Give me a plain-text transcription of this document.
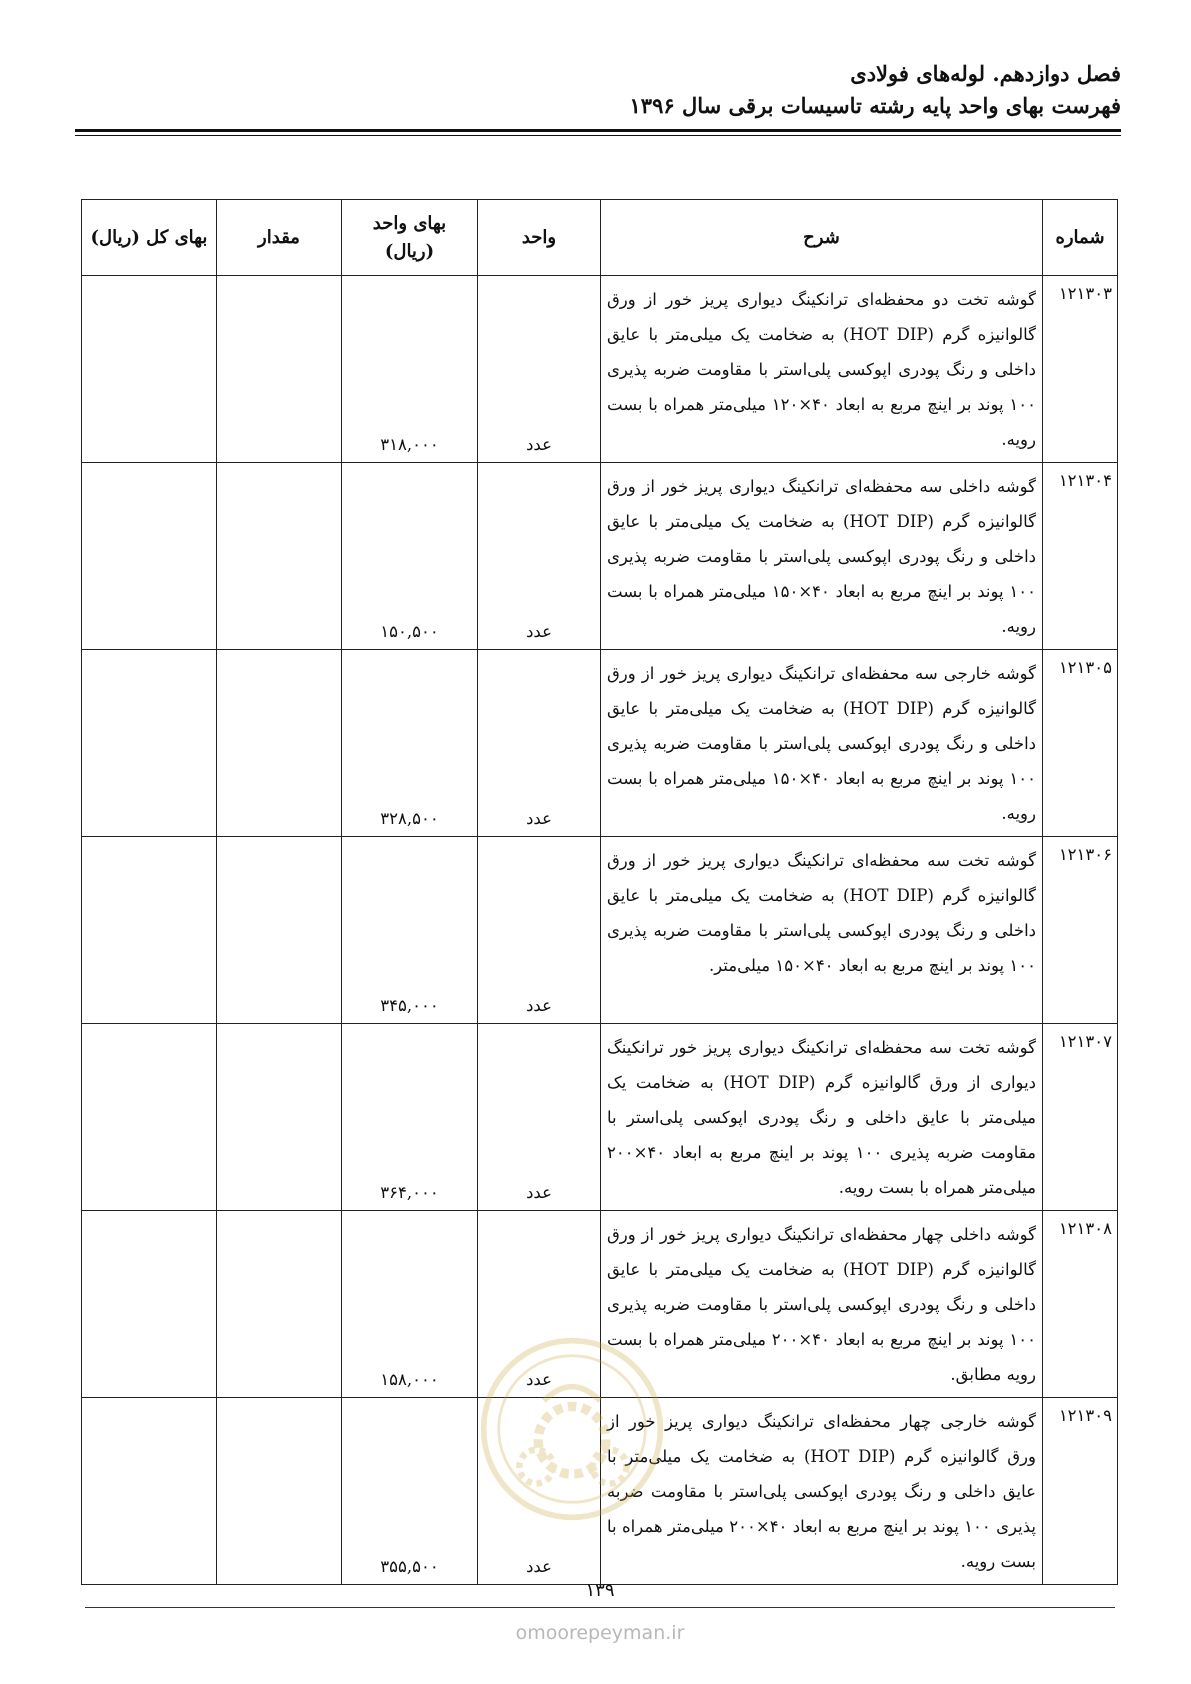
فصل دوازدهم. لوله‌های فولادی
فهرست بهای واحد پایه رشته تاسیسات برقی سال ۱۳۹۶
شماره	شرح	واحد	بهای واحد
(ریال)	مقدار	بهای کل (ریال)
۱۲۱۳۰۳	گوشه تخت دو محفظه‌ای ترانکینگ دیواری پریز خور از ورق گالوانیزه گرم (HOT DIP) به ضخامت یک میلی‌متر با عایق داخلی و رنگ پودری اپوکسی پلی‌استر با مقاومت ضربه پذیری ۱۰۰ پوند بر اینچ مربع به ابعاد ۴۰×۱۲۰ میلی‌متر همراه با بست رویه.	عدد	۳۱۸,۰۰۰		
۱۲۱۳۰۴	گوشه داخلی سه محفظه‌ای ترانکینگ دیواری پریز خور از ورق گالوانیزه گرم (HOT DIP) به ضخامت یک میلی‌متر با عایق داخلی و رنگ پودری اپوکسی پلی‌استر با مقاومت ضربه پذیری ۱۰۰ پوند بر اینچ مربع به ابعاد ۴۰×۱۵۰ میلی‌متر همراه با بست رویه.	عدد	۱۵۰,۵۰۰		
۱۲۱۳۰۵	گوشه خارجی سه محفظه‌ای ترانکینگ دیواری پریز خور از ورق گالوانیزه گرم (HOT DIP) به ضخامت یک میلی‌متر با عایق داخلی و رنگ پودری اپوکسی پلی‌استر با مقاومت ضربه پذیری ۱۰۰ پوند بر اینچ مربع به ابعاد ۴۰×۱۵۰ میلی‌متر همراه با بست رویه.	عدد	۳۲۸,۵۰۰		
۱۲۱۳۰۶	گوشه تخت سه محفظه‌ای ترانکینگ دیواری پریز خور از ورق گالوانیزه گرم (HOT DIP) به ضخامت یک میلی‌متر با عایق داخلی و رنگ پودری اپوکسی پلی‌استر با مقاومت ضربه پذیری ۱۰۰ پوند بر اینچ مربع به ابعاد ۴۰×۱۵۰ میلی‌متر.	عدد	۳۴۵,۰۰۰		
۱۲۱۳۰۷	گوشه تخت سه محفظه‌ای ترانکینگ دیواری پریز خور ترانکینگ دیواری از ورق گالوانیزه گرم (HOT DIP) به ضخامت یک میلی‌متر با عایق داخلی و رنگ پودری اپوکسی پلی‌استر با مقاومت ضربه پذیری ۱۰۰ پوند بر اینچ مربع به ابعاد ۴۰×۲۰۰ میلی‌متر همراه با بست رویه.	عدد	۳۶۴,۰۰۰		
۱۲۱۳۰۸	گوشه داخلی چهار محفظه‌ای ترانکینگ دیواری پریز خور از ورق گالوانیزه گرم (HOT DIP) به ضخامت یک میلی‌متر با عایق داخلی و رنگ پودری اپوکسی پلی‌استر با مقاومت ضربه پذیری ۱۰۰ پوند بر اینچ مربع به ابعاد ۴۰×۲۰۰ میلی‌متر همراه با بست رویه مطابق.	عدد	۱۵۸,۰۰۰		
۱۲۱۳۰۹	گوشه خارجی چهار محفظه‌ای ترانکینگ دیواری پریز خور از ورق گالوانیزه گرم (HOT DIP) به ضخامت یک میلی‌متر با عایق داخلی و رنگ پودری اپوکسی پلی‌استر با مقاومت ضربه پذیری ۱۰۰ پوند بر اینچ مربع به ابعاد ۴۰×۲۰۰ میلی‌متر همراه با بست رویه.	عدد	۳۵۵,۵۰۰		
۱۳۹
omoorepeyman.ir
